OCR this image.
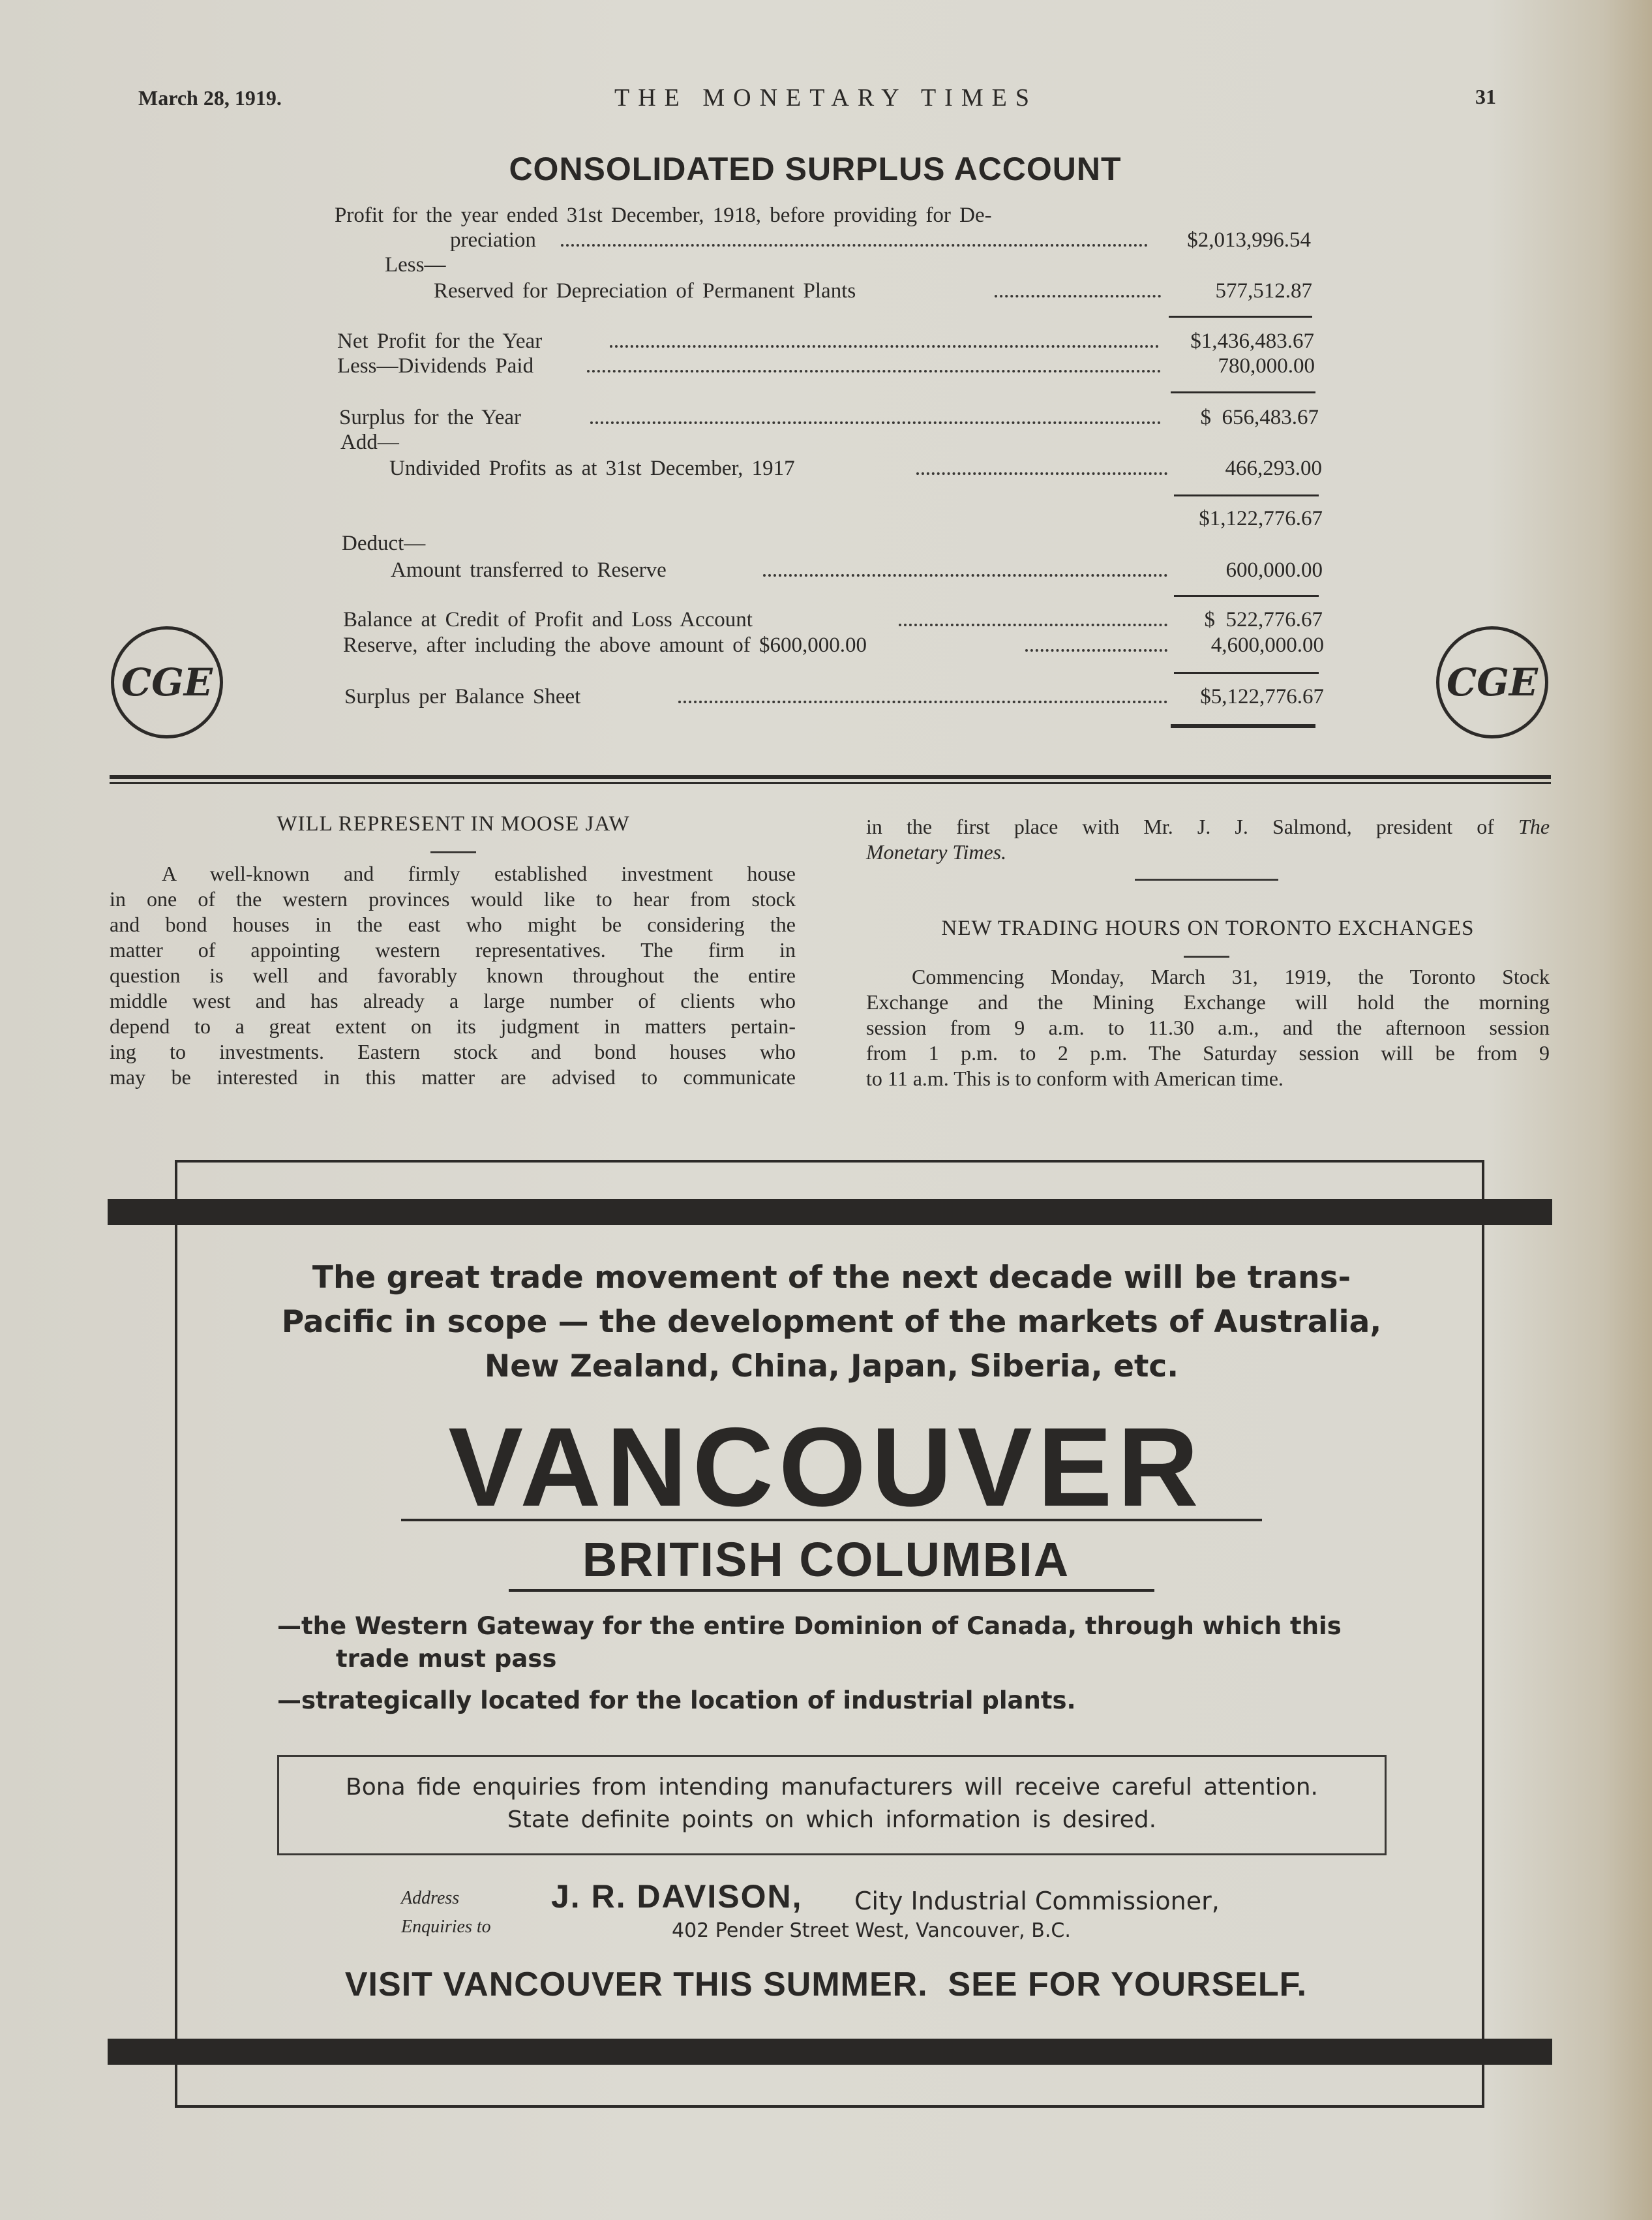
March 28, 1919.	THE MONETARY TIMES	31
CONSOLIDATED SURPLUS ACCOUNT
Profit for the year ended 31st December, 1918, before providing for De-
preciation	$2,013,996.54
Less—
Reserved for Depreciation of Permanent Plants	577,512.87
Net Profit for the Year	$1,436,483.67
Less—Dividends Paid	780,000.00
Surplus for the Year	$  656,483.67
Add—
Undivided Profits as at 31st December, 1917	466,293.00
$1,122,776.67
Deduct—
Amount transferred to Reserve	600,000.00
Balance at Credit of Profit and Loss Account	$  522,776.67
Reserve, after including the above amount of $600,000.00	4,600,000.00
Surplus per Balance Sheet	$5,122,776.67
CGE	CGE
WILL REPRESENT IN MOOSE JAW
A well-known and firmly established investment house
in one of the western provinces would like to hear from stock
and bond houses in the east who might be considering the
matter of appointing western representatives. The firm in
question is well and favorably known throughout the entire
middle west and has already a large number of clients who
depend to a great extent on its judgment in matters pertain-
ing to investments. Eastern stock and bond houses who
may be interested in this matter are advised to communicate
in the first place with Mr. J. J. Salmond, president of The
Monetary Times.
NEW TRADING HOURS ON TORONTO EXCHANGES
Commencing Monday, March 31, 1919, the Toronto Stock
Exchange and the Mining Exchange will hold the morning
session from 9 a.m. to 11.30 a.m., and the afternoon session
from 1 p.m. to 2 p.m. The Saturday session will be from 9
to 11 a.m. This is to conform with American time.
The great trade movement of the next decade will be trans-Pacific in scope — the development of the markets of Australia, New Zealand, China, Japan, Siberia, etc.
VANCOUVER
BRITISH COLUMBIA
—the Western Gateway for the entire Dominion of Canada, through which this
trade must pass
—strategically located for the location of industrial plants.
Bona fide enquiries from intending manufacturers will receive careful attention.
State definite points on which information is desired.
Address
Enquiries to
J. R. DAVISON, City Industrial Commissioner,
402 Pender Street West, Vancouver, B.C.
VISIT VANCOUVER THIS SUMMER.  SEE FOR YOURSELF.
